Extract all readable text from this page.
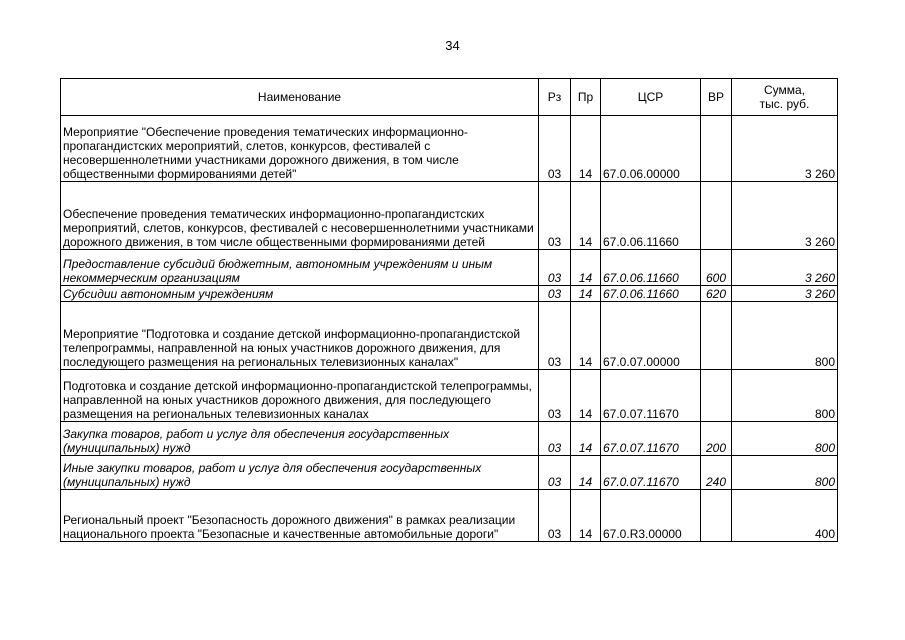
34
Наименование	Рз	Пр	ЦСР	ВР	Сумма,
тыс. руб.
Мероприятие "Обеспечение проведения тематических информационно-пропагандистских мероприятий, слетов, конкурсов, фестивалей с несовершеннолетними участниками дорожного движения, в том числе общественными формированиями детей"	03	14	67.0.06.00000		3 260
Обеспечение проведения тематических информационно-пропагандистских мероприятий, слетов, конкурсов, фестивалей с несовершеннолетними участниками дорожного движения, в том числе общественными формированиями детей	03	14	67.0.06.11660		3 260
Предоставление субсидий бюджетным, автономным учреждениям и иным некоммерческим организациям	03	14	67.0.06.11660	600	3 260
Субсидии автономным учреждениям	03	14	67.0.06.11660	620	3 260
Мероприятие "Подготовка и создание детской информационно-пропагандистской телепрограммы, направленной на юных участников дорожного движения, для последующего размещения на региональных телевизионных каналах"	03	14	67.0.07.00000		800
Подготовка и создание детской информационно-пропагандистской телепрограммы, направленной на юных участников дорожного движения, для последующего размещения на региональных телевизионных каналах	03	14	67.0.07.11670		800
Закупка товаров, работ и услуг для обеспечения государственных (муниципальных) нужд	03	14	67.0.07.11670	200	800
Иные закупки товаров, работ и услуг для обеспечения государственных (муниципальных) нужд	03	14	67.0.07.11670	240	800
Региональный проект "Безопасность дорожного движения" в рамках реализации национального проекта "Безопасные и качественные автомобильные дороги"	03	14	67.0.R3.00000		400
